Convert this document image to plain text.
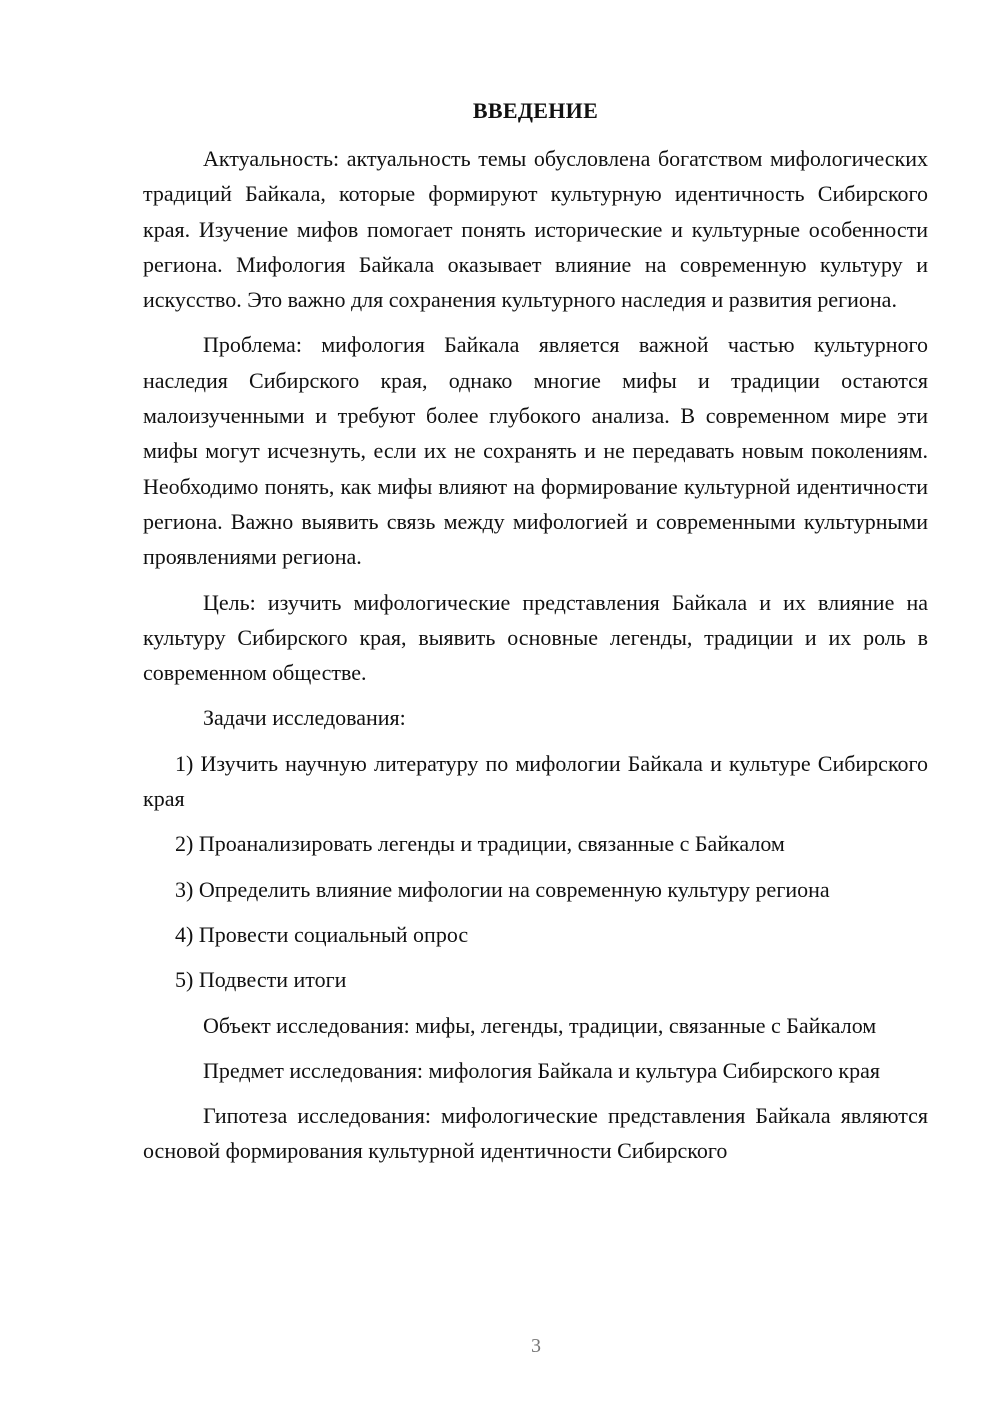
ВВЕДЕНИЕ

Актуальность: актуальность темы обусловлена богатством мифологических традиций Байкала, которые формируют культурную идентичность Сибирского края. Изучение мифов помогает понять исторические и культурные особенности региона. Мифология Байкала оказывает влияние на современную культуру и искусство. Это важно для сохранения культурного наследия и развития региона.

Проблема: мифология Байкала является важной частью культурного наследия Сибирского края, однако многие мифы и традиции остаются малоизученными и требуют более глубокого анализа. В современном мире эти мифы могут исчезнуть, если их не сохранять и не передавать новым поколениям. Необходимо понять, как мифы влияют на формирование культурной идентичности региона. Важно выявить связь между мифологией и современными культурными проявлениями региона.

Цель: изучить мифологические представления Байкала и их влияние на культуру Сибирского края, выявить основные легенды, традиции и их роль в современном обществе.

Задачи исследования:

1) Изучить научную литературу по мифологии Байкала и культуре Сибирского края

2) Проанализировать легенды и традиции, связанные с Байкалом

3) Определить влияние мифологии на современную культуру региона

4) Провести социальный опрос

5) Подвести итоги

Объект исследования: мифы, легенды, традиции, связанные с Байкалом

Предмет исследования: мифология Байкала и культура Сибирского края

Гипотеза исследования: мифологические представления Байкала являются основой формирования культурной идентичности Сибирского

3
